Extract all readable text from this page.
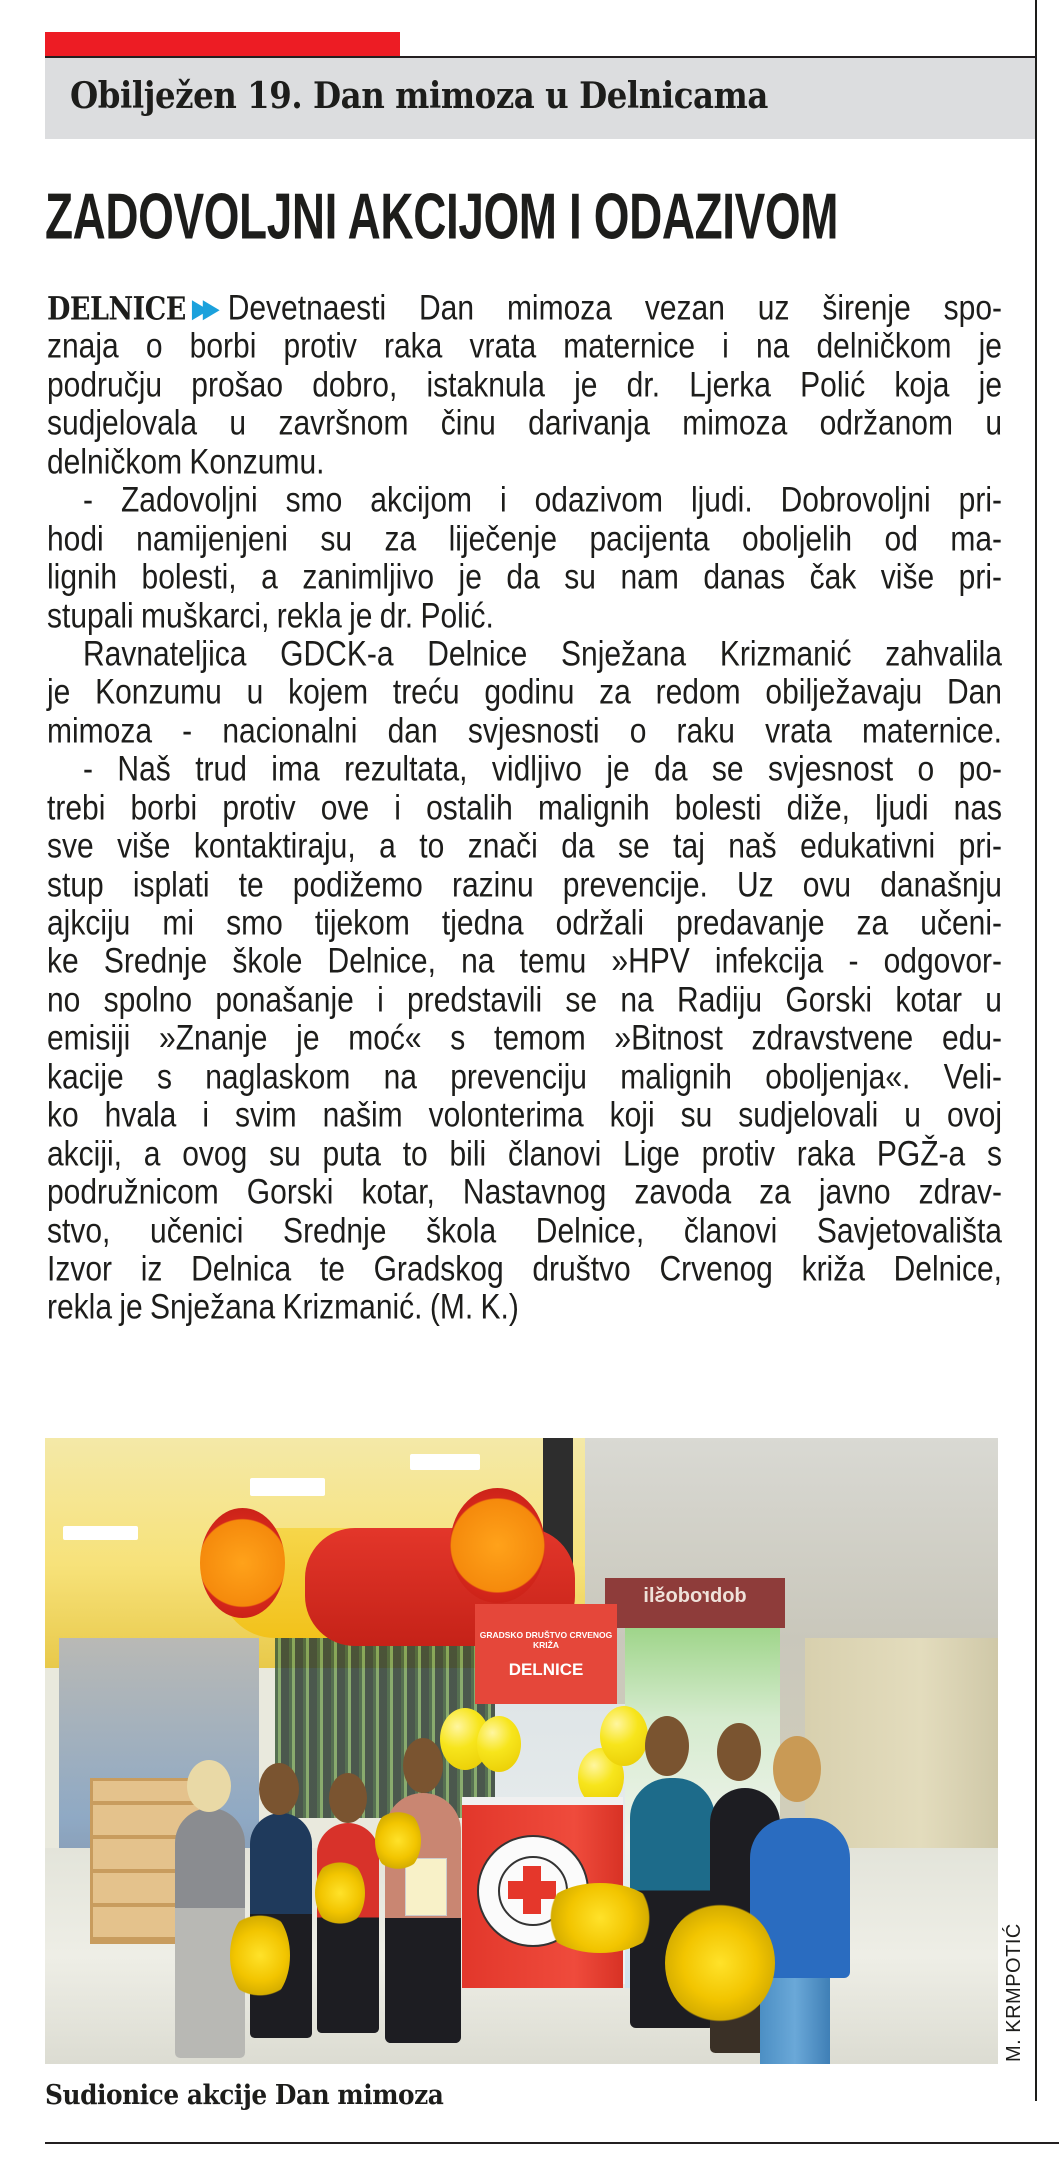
Obilježen 19. Dan mimoza u Delnicama
ZADOVOLJNI AKCIJOM I ODAZIVOM
DELNICE ▶▶ Devetnaesti Dan mimoza vezan uz širenje spo-
znaja o borbi protiv raka vrata maternice i na delničkom je
području prošao dobro, istaknula je dr. Ljerka Polić koja je
sudjelovala u završnom činu darivanja mimoza održanom u
delničkom Konzumu.
- Zadovoljni smo akcijom i odazivom ljudi. Dobrovoljni pri-
hodi namijenjeni su za liječenje pacijenta oboljelih od ma-
lignih bolesti, a zanimljivo je da su nam danas čak više pri-
stupali muškarci, rekla je dr. Polić.
Ravnateljica GDCK-a Delnice Snježana Krizmanić zahvalila
je Konzumu u kojem treću godinu za redom obilježavaju Dan
mimoza - nacionalni dan svjesnosti o raku vrata maternice.
- Naš trud ima rezultata, vidljivo je da se svjesnost o po-
trebi borbi protiv ove i ostalih malignih bolesti diže, ljudi nas
sve više kontaktiraju, a to znači da se taj naš edukativni pri-
stup isplati te podižemo razinu prevencije. Uz ovu današnju
ajkciju mi smo tijekom tjedna održali predavanje za učeni-
ke Srednje škole Delnice, na temu »HPV infekcija - odgovor-
no spolno ponašanje i predstavili se na Radiju Gorski kotar u
emisiji »Znanje je moć« s temom »Bitnost zdravstvene edu-
kacije s naglaskom na prevenciju malignih oboljenja«. Veli-
ko hvala i svim našim volonterima koji su sudjelovali u ovoj
akciji, a ovog su puta to bili članovi Lige protiv raka PGŽ-a s
podružnicom Gorski kotar, Nastavnog zavoda za javno zdrav-
stvo, učenici Srednje škola Delnice, članovi Savjetovališta
Izvor iz Delnica te Gradskog društvo Crvenog križa Delnice,
rekla je Snježana Krizmanić. (M. K.)
dobrodošli
GRADSKO DRUŠTVO CRVENOG KRIŽA
DELNICE
M. KRMPOTIĆ
Sudionice akcije Dan mimoza
